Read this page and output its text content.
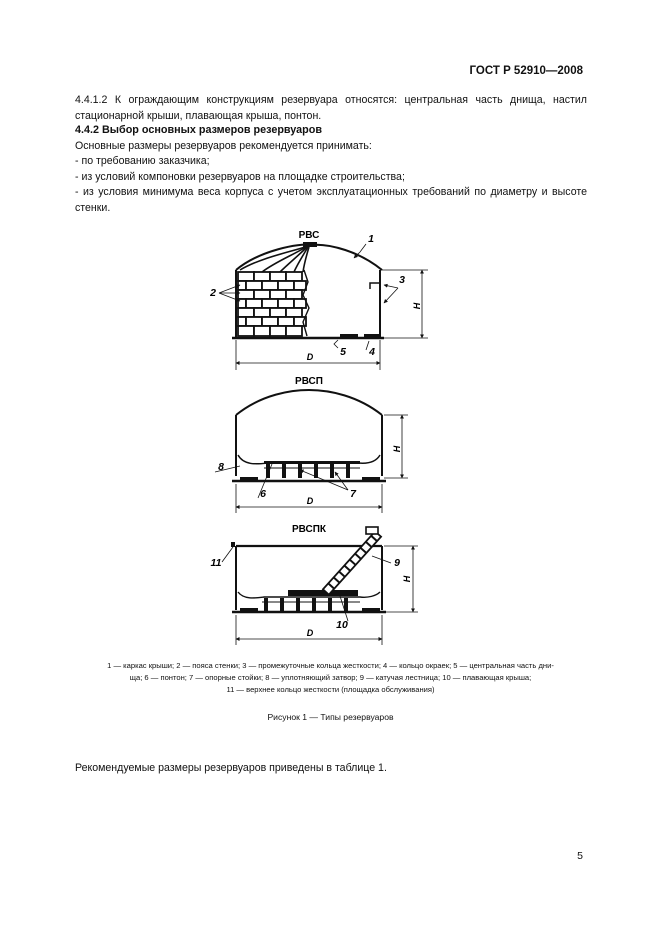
ГОСТ Р 52910—2008
4.4.1.2 К ограждающим конструкциям резервуара относятся: центральная часть днища, настил стационарной крыши, плавающая крыша, понтон.
4.4.2 Выбор основных размеров резервуаров

Основные размеры резервуаров рекомендуется принимать:

- по требованию заказчика;

- из условий компоновки резервуаров на площадке строительства;

- из условия минимума веса корпуса с учетом эксплуатационных требований по диаметру и высоте стенки.

РВС
H
D
1
2
3
5 4
РВСП
H
D
8
6	7
РВСПК
H
D
11	9
10
1 — каркас крыши; 2 — пояса стенки; 3 — промежуточные кольца жесткости; 4 — кольцо окраек; 5 — центральная часть дни-
ща; 6 — понтон; 7 — опорные стойки; 8 — уплотняющий затвор; 9 — катучая лестница; 10 — плавающая крыша;
11 — верхнее кольцо жесткости (площадка обслуживания)
Рисунок 1 — Типы резервуаров
Рекомендуемые размеры резервуаров приведены в таблице 1.
5
